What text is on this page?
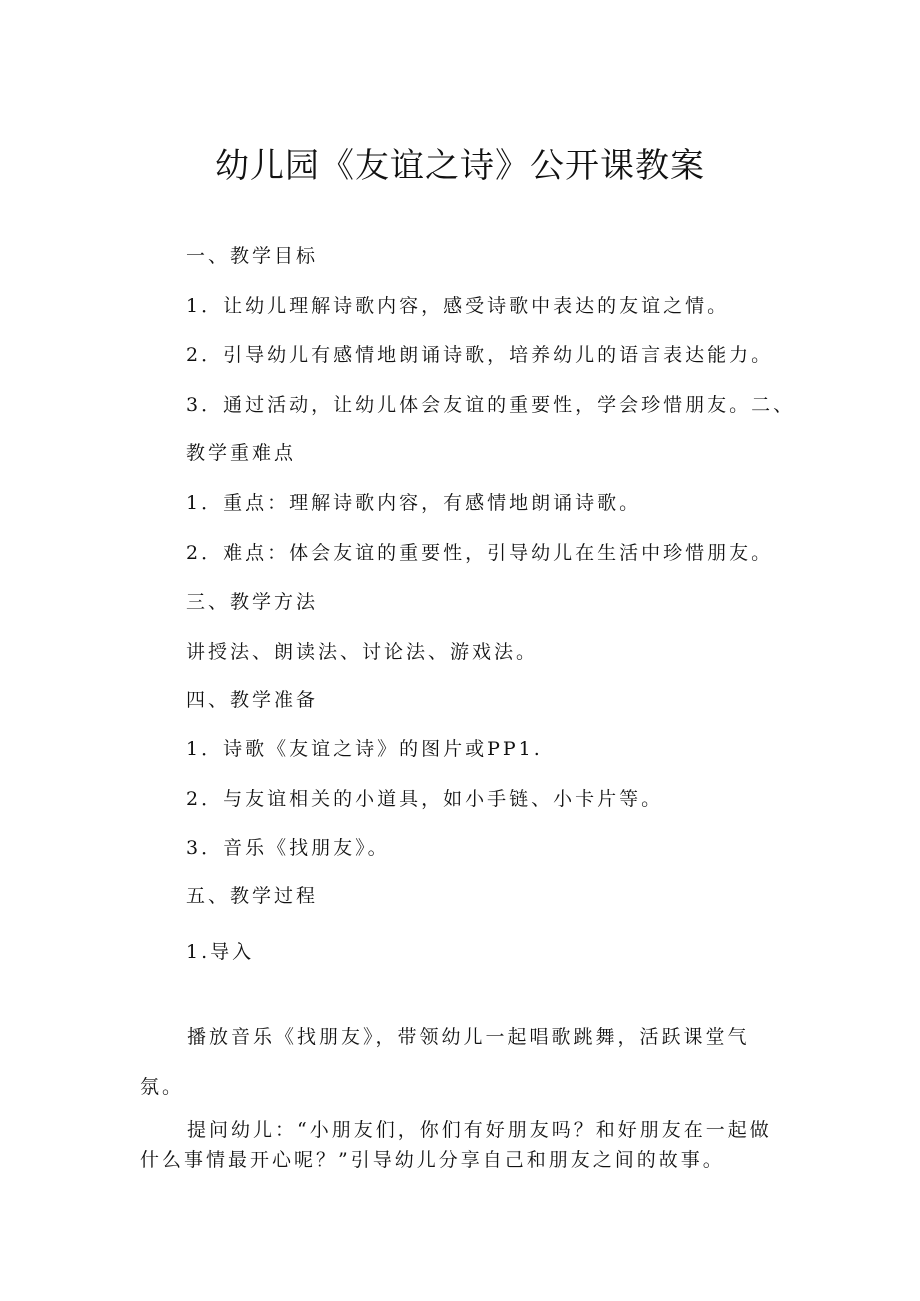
幼儿园《友谊之诗》公开课教案

一、教学目标

1．让幼儿理解诗歌内容，感受诗歌中表达的友谊之情。

2．引导幼儿有感情地朗诵诗歌，培养幼儿的语言表达能力。

3．通过活动，让幼儿体会友谊的重要性，学会珍惜朋友。二、

教学重难点

1．重点：理解诗歌内容，有感情地朗诵诗歌。

2．难点：体会友谊的重要性，引导幼儿在生活中珍惜朋友。

三、教学方法

讲授法、朗读法、讨论法、游戏法。

四、教学准备

1．诗歌《友谊之诗》的图片或PP1.

2．与友谊相关的小道具，如小手链、小卡片等。

3．音乐《找朋友》。

五、教学过程

1.导入

播放音乐《找朋友》，带领幼儿一起唱歌跳舞，活跃课堂气氛。

提问幼儿：“小朋友们，你们有好朋友吗？和好朋友在一起做什么事情最开心呢？”引导幼儿分享自己和朋友之间的故事。
